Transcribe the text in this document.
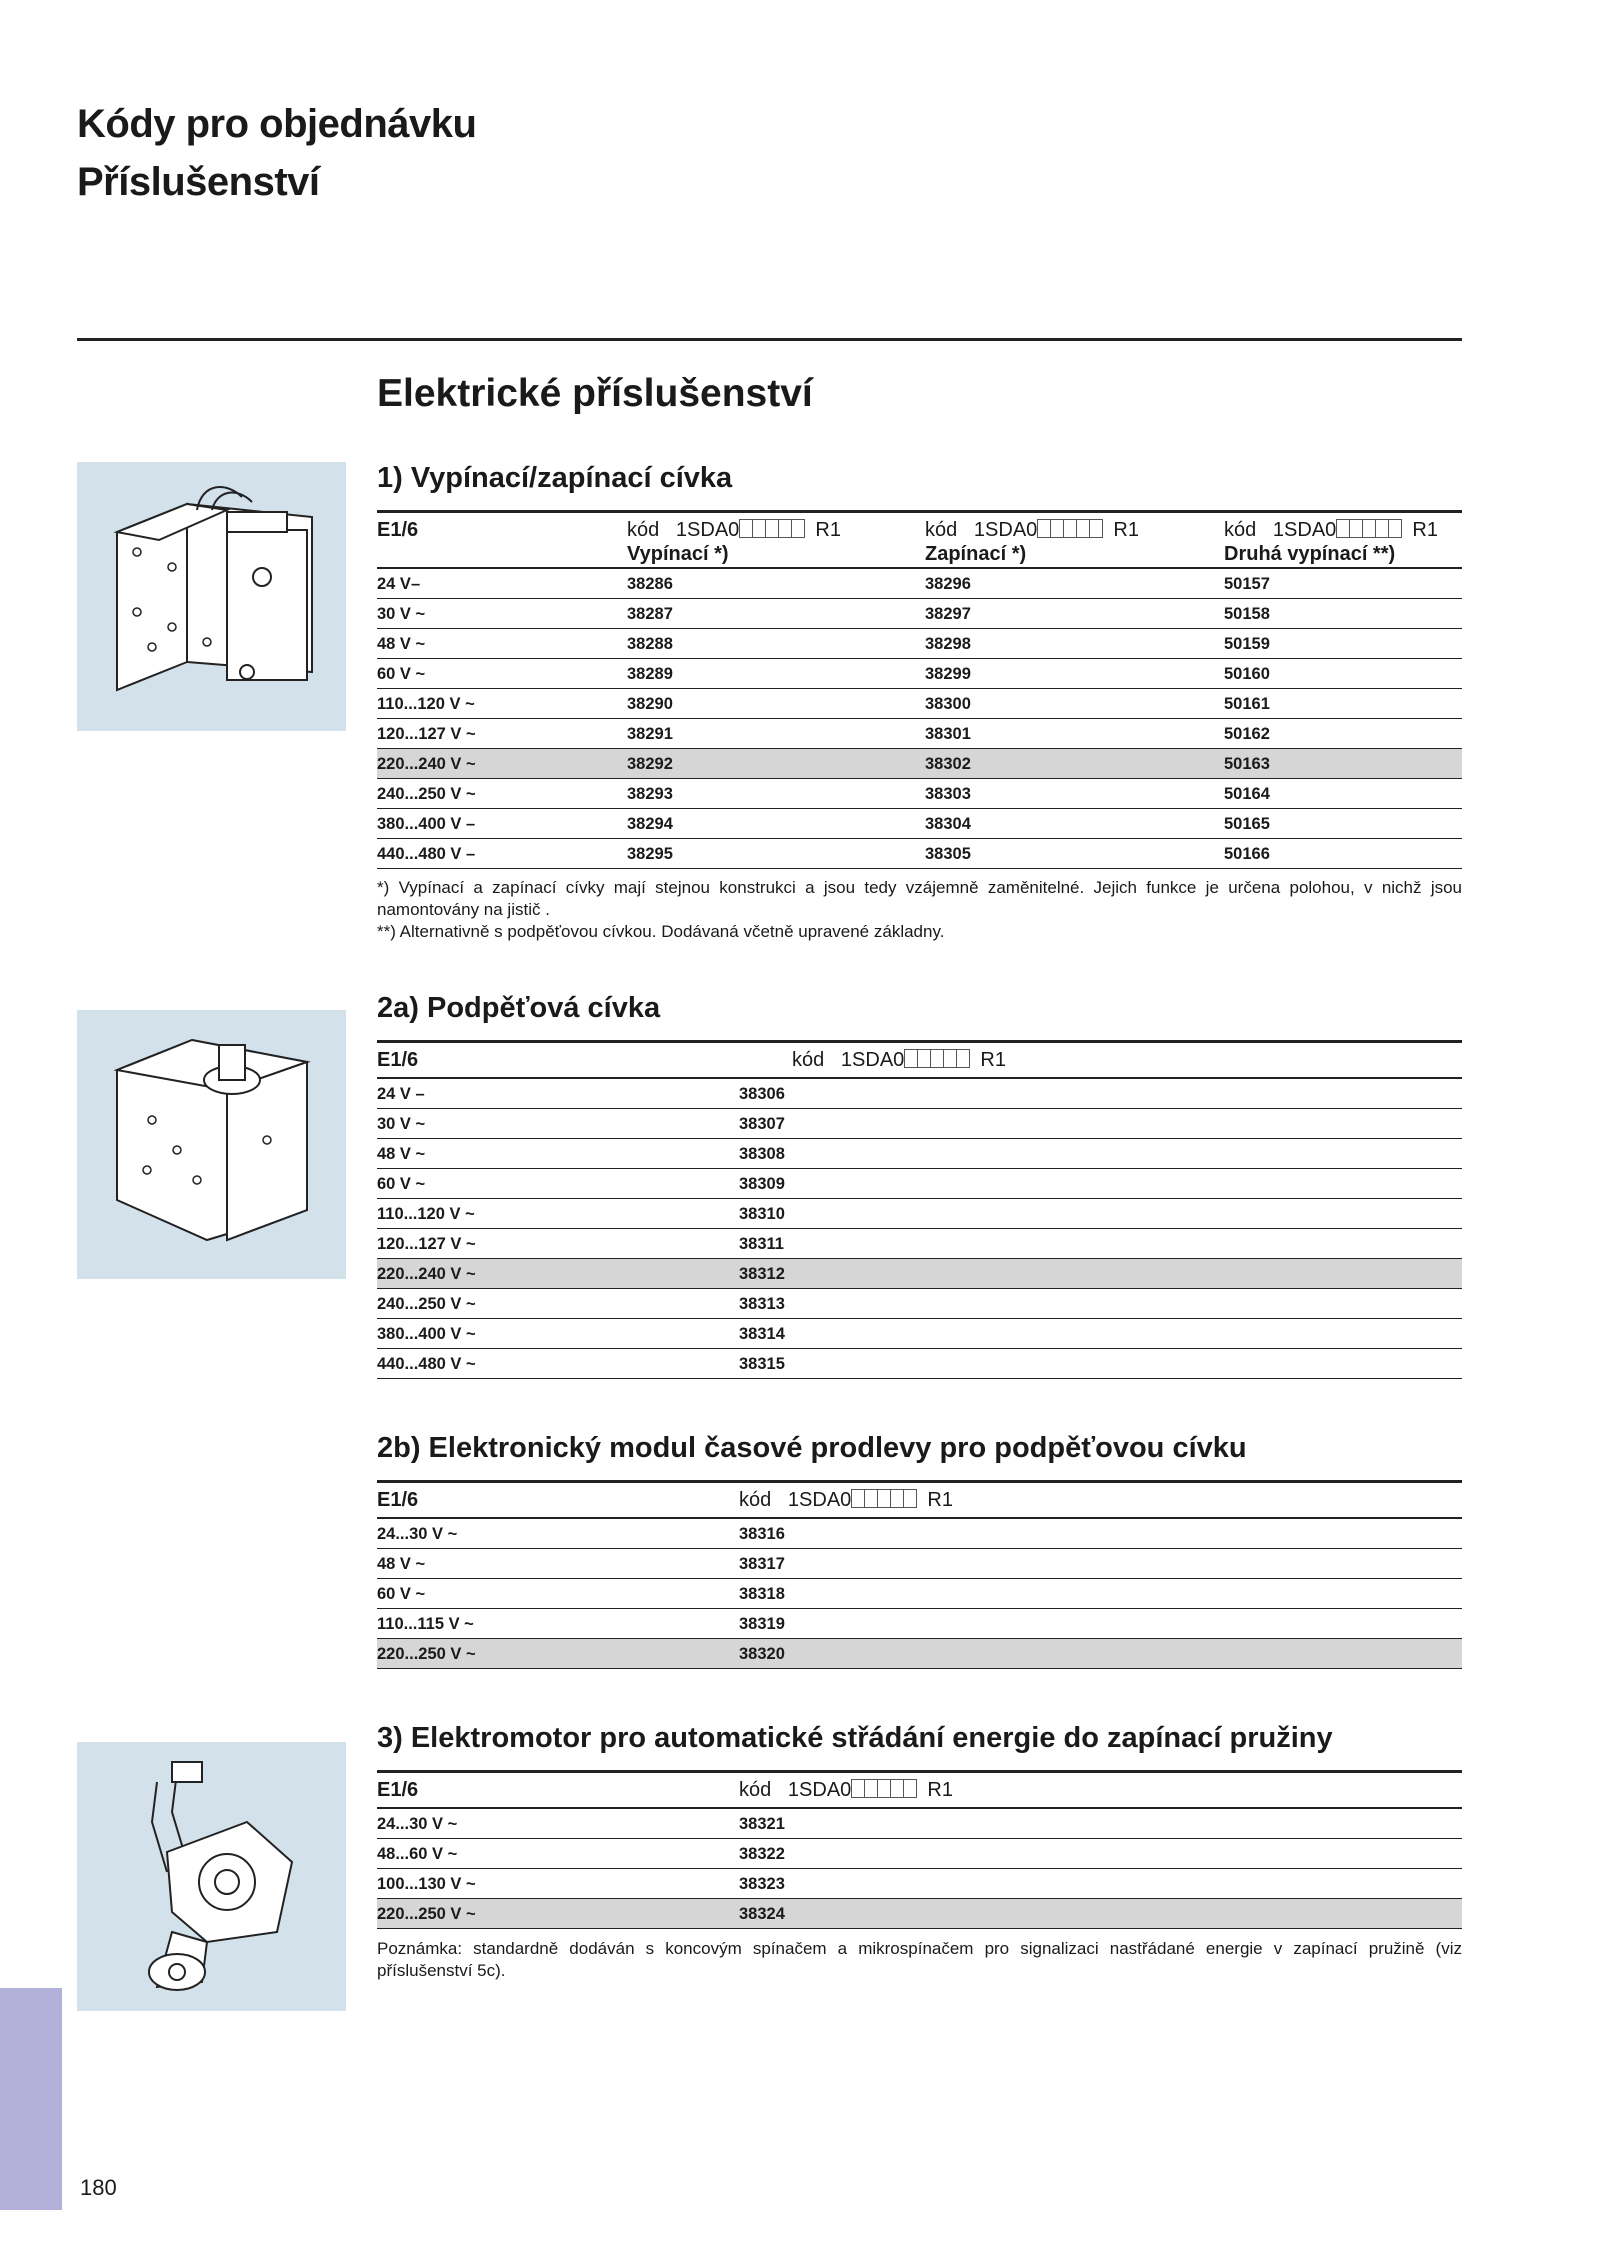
Kódy pro objednávku
Příslušenství
Elektrické příslušenství
1) Vypínací/zapínací cívka
E1/6	kód 1SDA0	R1	kód 1SDA0	R1	kód 1SDA0	R1
Vypínací *)	Zapínací *)	Druhá vypínací **)
24 V–	38286	38296	50157
30 V ~	38287	38297	50158
48 V ~	38288	38298	50159
60 V ~	38289	38299	50160
110...120 V ~	38290	38300	50161
120...127 V ~	38291	38301	50162
220...240 V ~	38292	38302	50163
240...250 V ~	38293	38303	50164
380...400 V –	38294	38304	50165
440...480 V –	38295	38305	50166
*) Vypínací a zapínací cívky mají stejnou konstrukci a jsou tedy vzájemně zaměnitelné. Jejich funkce je určena polohou, v nichž jsou namontovány na jistič .
**) Alternativně s podpěťovou cívkou. Dodávaná včetně upravené základny.
2a) Podpěťová cívka
E1/6	kód 1SDA0	R1
24 V –	38306
30 V ~	38307
48 V ~	38308
60 V ~	38309
110...120 V ~	38310
120...127 V ~	38311
220...240 V ~	38312
240...250 V ~	38313
380...400 V ~	38314
440...480 V ~	38315
2b) Elektronický modul časové prodlevy pro podpěťovou cívku
E1/6	kód 1SDA0	R1
24...30 V ~	38316
48 V ~	38317
60 V ~	38318
110...115 V ~	38319
220...250 V ~	38320
3) Elektromotor pro automatické střádání energie do zapínací pružiny
E1/6	kód 1SDA0	R1
24...30 V ~	38321
48...60 V ~	38322
100...130 V ~	38323
220...250 V ~	38324
Poznámka: standardně dodáván s koncovým spínačem a mikrospínačem pro signalizaci nastřádané energie v zapínací pružině (viz příslušenství 5c).
180
